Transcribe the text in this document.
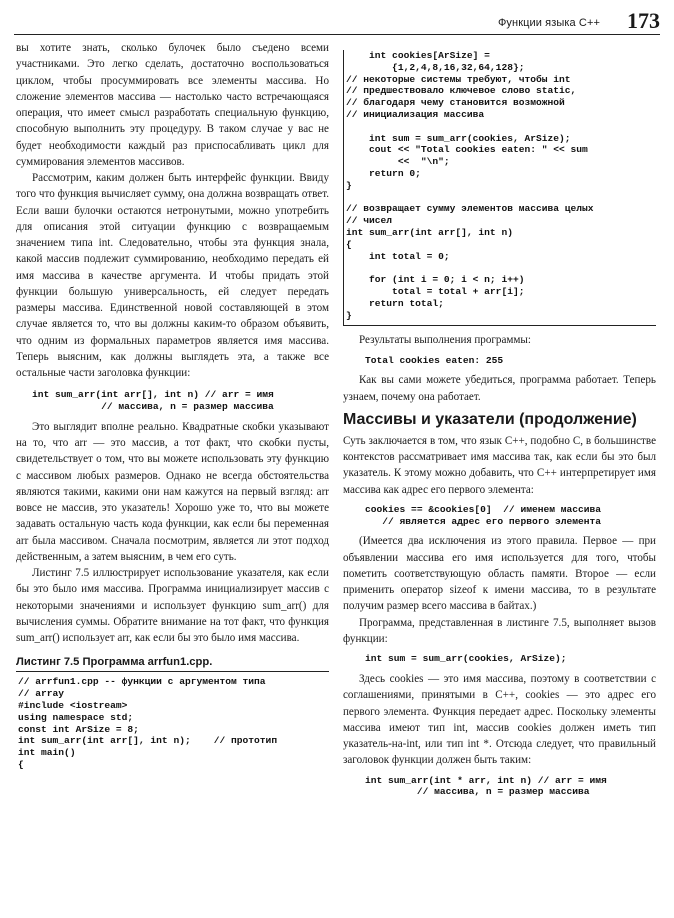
Функции языка C++ 173

вы хотите знать, сколько булочек было съедено всеми участниками. Это легко сделать, достаточно воспользоваться циклом, чтобы просуммировать все элементы массива. Но сложение элементов массива — настолько часто встречающаяся операция, что имеет смысл разработать специальную функцию, способную выполнить эту процедуру. В таком случае у вас не будет необходимости каждый раз приспосабливать цикл для суммирования элементов массивов.

Рассмотрим, каким должен быть интерфейс функции. Ввиду того что функция вычисляет сумму, она должна возвращать ответ. Если ваши булочки остаются нетронутыми, можно употребить для описания этой ситуации функцию с возвращаемым значением типа int. Следовательно, чтобы эта функция знала, какой массив подлежит суммированию, необходимо передать ей имя массива в качестве аргумента. И чтобы придать этой функции большую универсальность, ей следует передать размеры массива. Единственной новой составляющей в этом случае является то, что вы должны каким-то образом объявить, что одним из формальных параметров является имя массива. Теперь выясним, как должны выглядеть эта, а также все остальные части заголовка функции:

int sum_arr(int arr[], int n) // arr = имя
// массива, n = размер массива

Это выглядит вполне реально. Квадратные скобки указывают на то, что arr — это массив, а тот факт, что скобки пусты, свидетельствует о том, что вы можете использовать эту функцию с массивом любых размеров. Однако не всегда обстоятельства являются такими, какими они нам кажутся на первый взгляд: arr вовсе не массив, это указатель! Хорошо уже то, что вы можете задавать остальную часть кода функции, как если бы переменная arr была массивом. Сначала посмотрим, является ли этот подход действенным, а затем выясним, в чем его суть.

Листинг 7.5 иллюстрирует использование указателя, как если бы это было имя массива. Программа инициализирует массив с некоторыми значениями и использует функцию sum_arr() для вычисления суммы. Обратите внимание на тот факт, что функция sum_arr() использует arr, как если бы это было имя массива.

Листинг 7.5 Программа arrfun1.cpp.
// arrfun1.cpp -- функции с аргументом типа
// array
#include <iostream>
using namespace std;
const int ArSize = 8;
int sum_arr(int arr[], int n);    // прототип
int main()
{
int cookies[ArSize] =
{1,2,4,8,16,32,64,128};
// некоторые системы требуют, чтобы int
// предшествовало ключевое слово static,
// благодаря чему становится возможной
// инициализация массива

int sum = sum_arr(cookies, ArSize);
cout << "Total cookies eaten: " << sum
<<  "\n";
return 0;
}

// возвращает сумму элементов массива целых
// чисел
int sum_arr(int arr[], int n)
{
int total = 0;

for (int i = 0; i < n; i++)
total = total + arr[i];
return total;
}

Результаты выполнения программы:

Total cookies eaten: 255

Как вы сами можете убедиться, программа работает. Теперь узнаем, почему она работает.

Массивы и указатели (продолжение)

Суть заключается в том, что язык C++, подобно C, в большинстве контекстов рассматривает имя массива так, как если бы это был указатель. К этому можно добавить, что C++ интерпретирует имя массива как адрес его первого элемента:

cookies == &cookies[0]  // именем массива
// является адрес его первого элемента

(Имеется два исключения из этого правила. Первое — при объявлении массива его имя используется для того, чтобы пометить соответствующую область памяти. Второе — если применить оператор sizeof к имени массива, то в результате получим размер всего массива в байтах.)

Программа, представленная в листинге 7.5, выполняет вызов функции:

int sum = sum_arr(cookies, ArSize);

Здесь cookies — это имя массива, поэтому в соответствии с соглашениями, принятыми в C++, cookies — это адрес его первого элемента. Функция передает адрес. Поскольку элементы массива имеют тип int, массив cookies должен иметь тип указатель-на-int, или тип int *. Отсюда следует, что правильный заголовок функции должен быть таким:

int sum_arr(int * arr, int n) // arr = имя
// массива, n = размер массива
